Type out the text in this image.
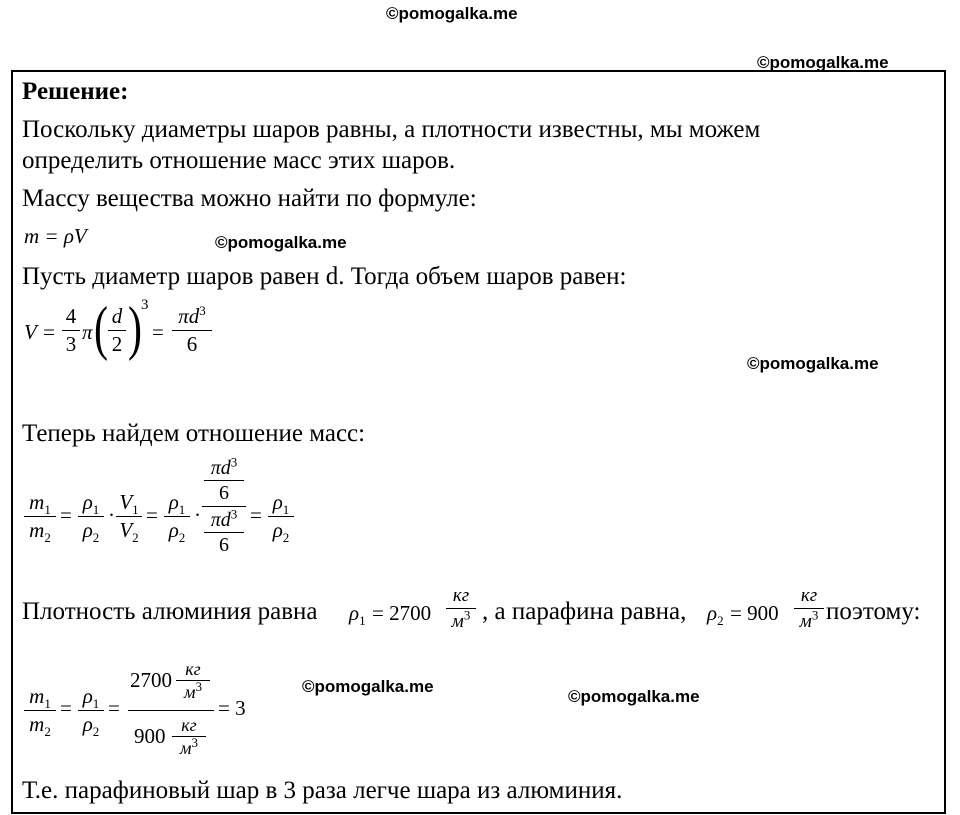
©pomogalka.me
©pomogalka.me
Решение:
Поскольку диаметры шаров равны, а плотности известны, мы можем
определить отношение масс этих шаров.
Массу вещества можно найти по формуле:
m = ρV	©pomogalka.me
Пусть диаметр шаров равен d. Тогда объем шаров равен:
V =
4
3 π ( d
2 ) 3
=
$\pi d^3$
6
©pomogalka.me
Теперь найдем отношение масс:
$m_1$
$m_2$
=
$\rho_1$
$\rho_2$
·
$V_1$
$V_2$
=
$\rho_1$
$\rho_2$
·
$\pi d^3$
6
$\pi d^3$
6
=
$\rho_1$
$\rho_2$
Плотность алюминия равна $\rho_1 = 2700$
кг
$м^3$ , а парафина равна, $\rho_2 = 900$
кг
$м^3$ поэтому:
$m_1$
$m_2$
= $\rho_1$
$\rho_2$
=
2700 кг
$м^3$
900 кг
$м^3$
= 3
©pomogalka.me
©pomogalka.me
Т.е. парафиновый шар в 3 раза легче шара из алюминия.
